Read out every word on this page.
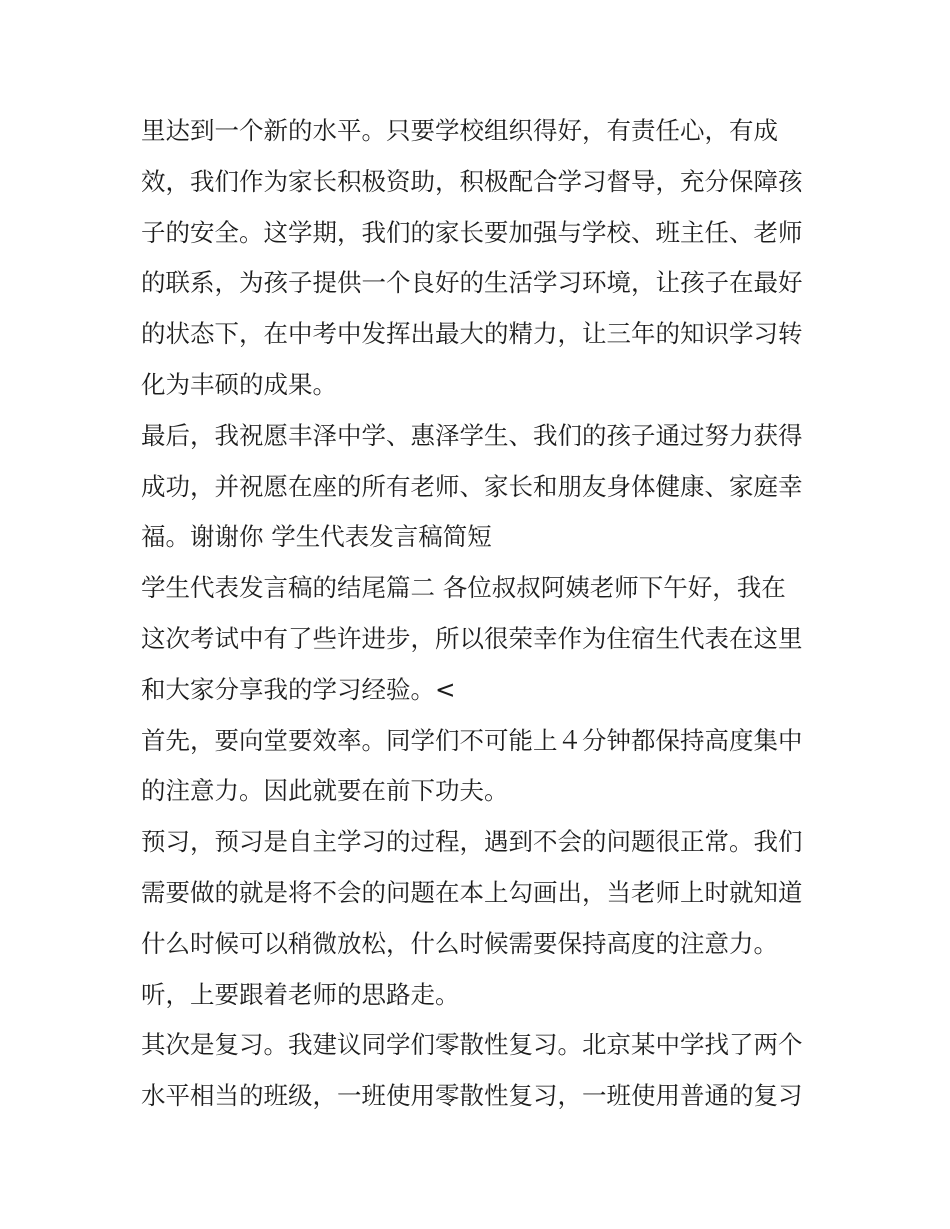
里达到一个新的水平。只要学校组织得好，有责任心，有成
效，我们作为家长积极资助，积极配合学习督导，充分保障孩
子的安全。这学期，我们的家长要加强与学校、班主任、老师
的联系，为孩子提供一个良好的生活学习环境，让孩子在最好
的状态下，在中考中发挥出最大的精力，让三年的知识学习转
化为丰硕的成果。
最后，我祝愿丰泽中学、惠泽学生、我们的孩子通过努力获得
成功，并祝愿在座的所有老师、家长和朋友身体健康、家庭幸
福。谢谢你 学生代表发言稿简短
学生代表发言稿的结尾篇二 各位叔叔阿姨老师下午好，我在
这次考试中有了些许进步，所以很荣幸作为住宿生代表在这里
和大家分享我的学习经验。<
首先，要向堂要效率。同学们不可能上４分钟都保持高度集中
的注意力。因此就要在前下功夫。
预习，预习是自主学习的过程，遇到不会的问题很正常。我们
需要做的就是将不会的问题在本上勾画出，当老师上时就知道
什么时候可以稍微放松，什么时候需要保持高度的注意力。
听，上要跟着老师的思路走。
其次是复习。我建议同学们零散性复习。北京某中学找了两个
水平相当的班级，一班使用零散性复习，一班使用普通的复习
